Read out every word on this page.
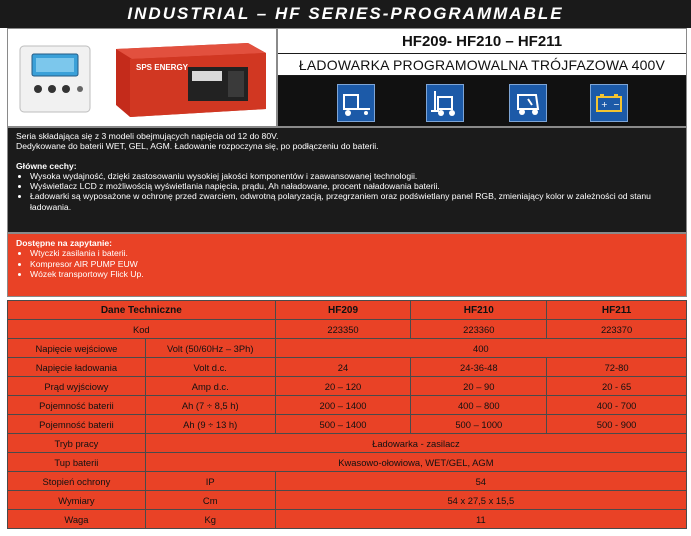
INDUSTRIAL – HF SERIES-PROGRAMMABLE
SPS ENERGY
HF209- HF210 – HF211
ŁADOWARKA PROGRAMOWALNA TRÓJFAZOWA 400V
+ −
Seria składająca się z 3 modeli obejmujących napięcia od 12 do 80V.
Dedykowane do baterii WET, GEL, AGM. Ładowanie rozpoczyna się, po podłączeniu do baterii.
Główne cechy:
• Wysoka wydajność, dzięki zastosowaniu wysokiej jakości komponentów i zaawansowanej technologii.
• Wyświetlacz LCD z możliwością wyświetlania napięcia, prądu, Ah naładowane, procent naładowania baterii.
• Ładowarki są wyposażone w ochronę przed zwarciem, odwrotną polaryzacją, przegrzaniem oraz podświetlany panel RGB, zmieniający kolor w zależności od stanu ładowania.
Dostępne na zapytanie:
• Wtyczki zasilania i baterii.
• Kompresor AIR PUMP EUW
• Wózek transportowy Flick Up.
Dane Techniczne		HF209	HF210	HF211
Kod		223350	223360	223370
Napięcie wejściowe	Volt (50/60Hz – 3Ph)	400		
Napięcie ładowania	Volt d.c.	24	24-36-48	72-80
Prąd wyjściowy	Amp d.c.	20 – 120	20 – 90	20 - 65
Pojemność baterii	Ah (7 ÷ 8,5 h)	200 – 1400	400 – 800	400 - 700
Pojemność baterii	Ah (9 ÷ 13 h)	500 – 1400	500 – 1000	500 - 900
Tryb pracy	Ładowarka - zasilacz			
Tup baterii	Kwasowo-ołowiowa, WET/GEL, AGM			
Stopień ochrony	IP	54		
Wymiary	Cm	54 x 27,5 x 15,5		
Waga	Kg	11		
